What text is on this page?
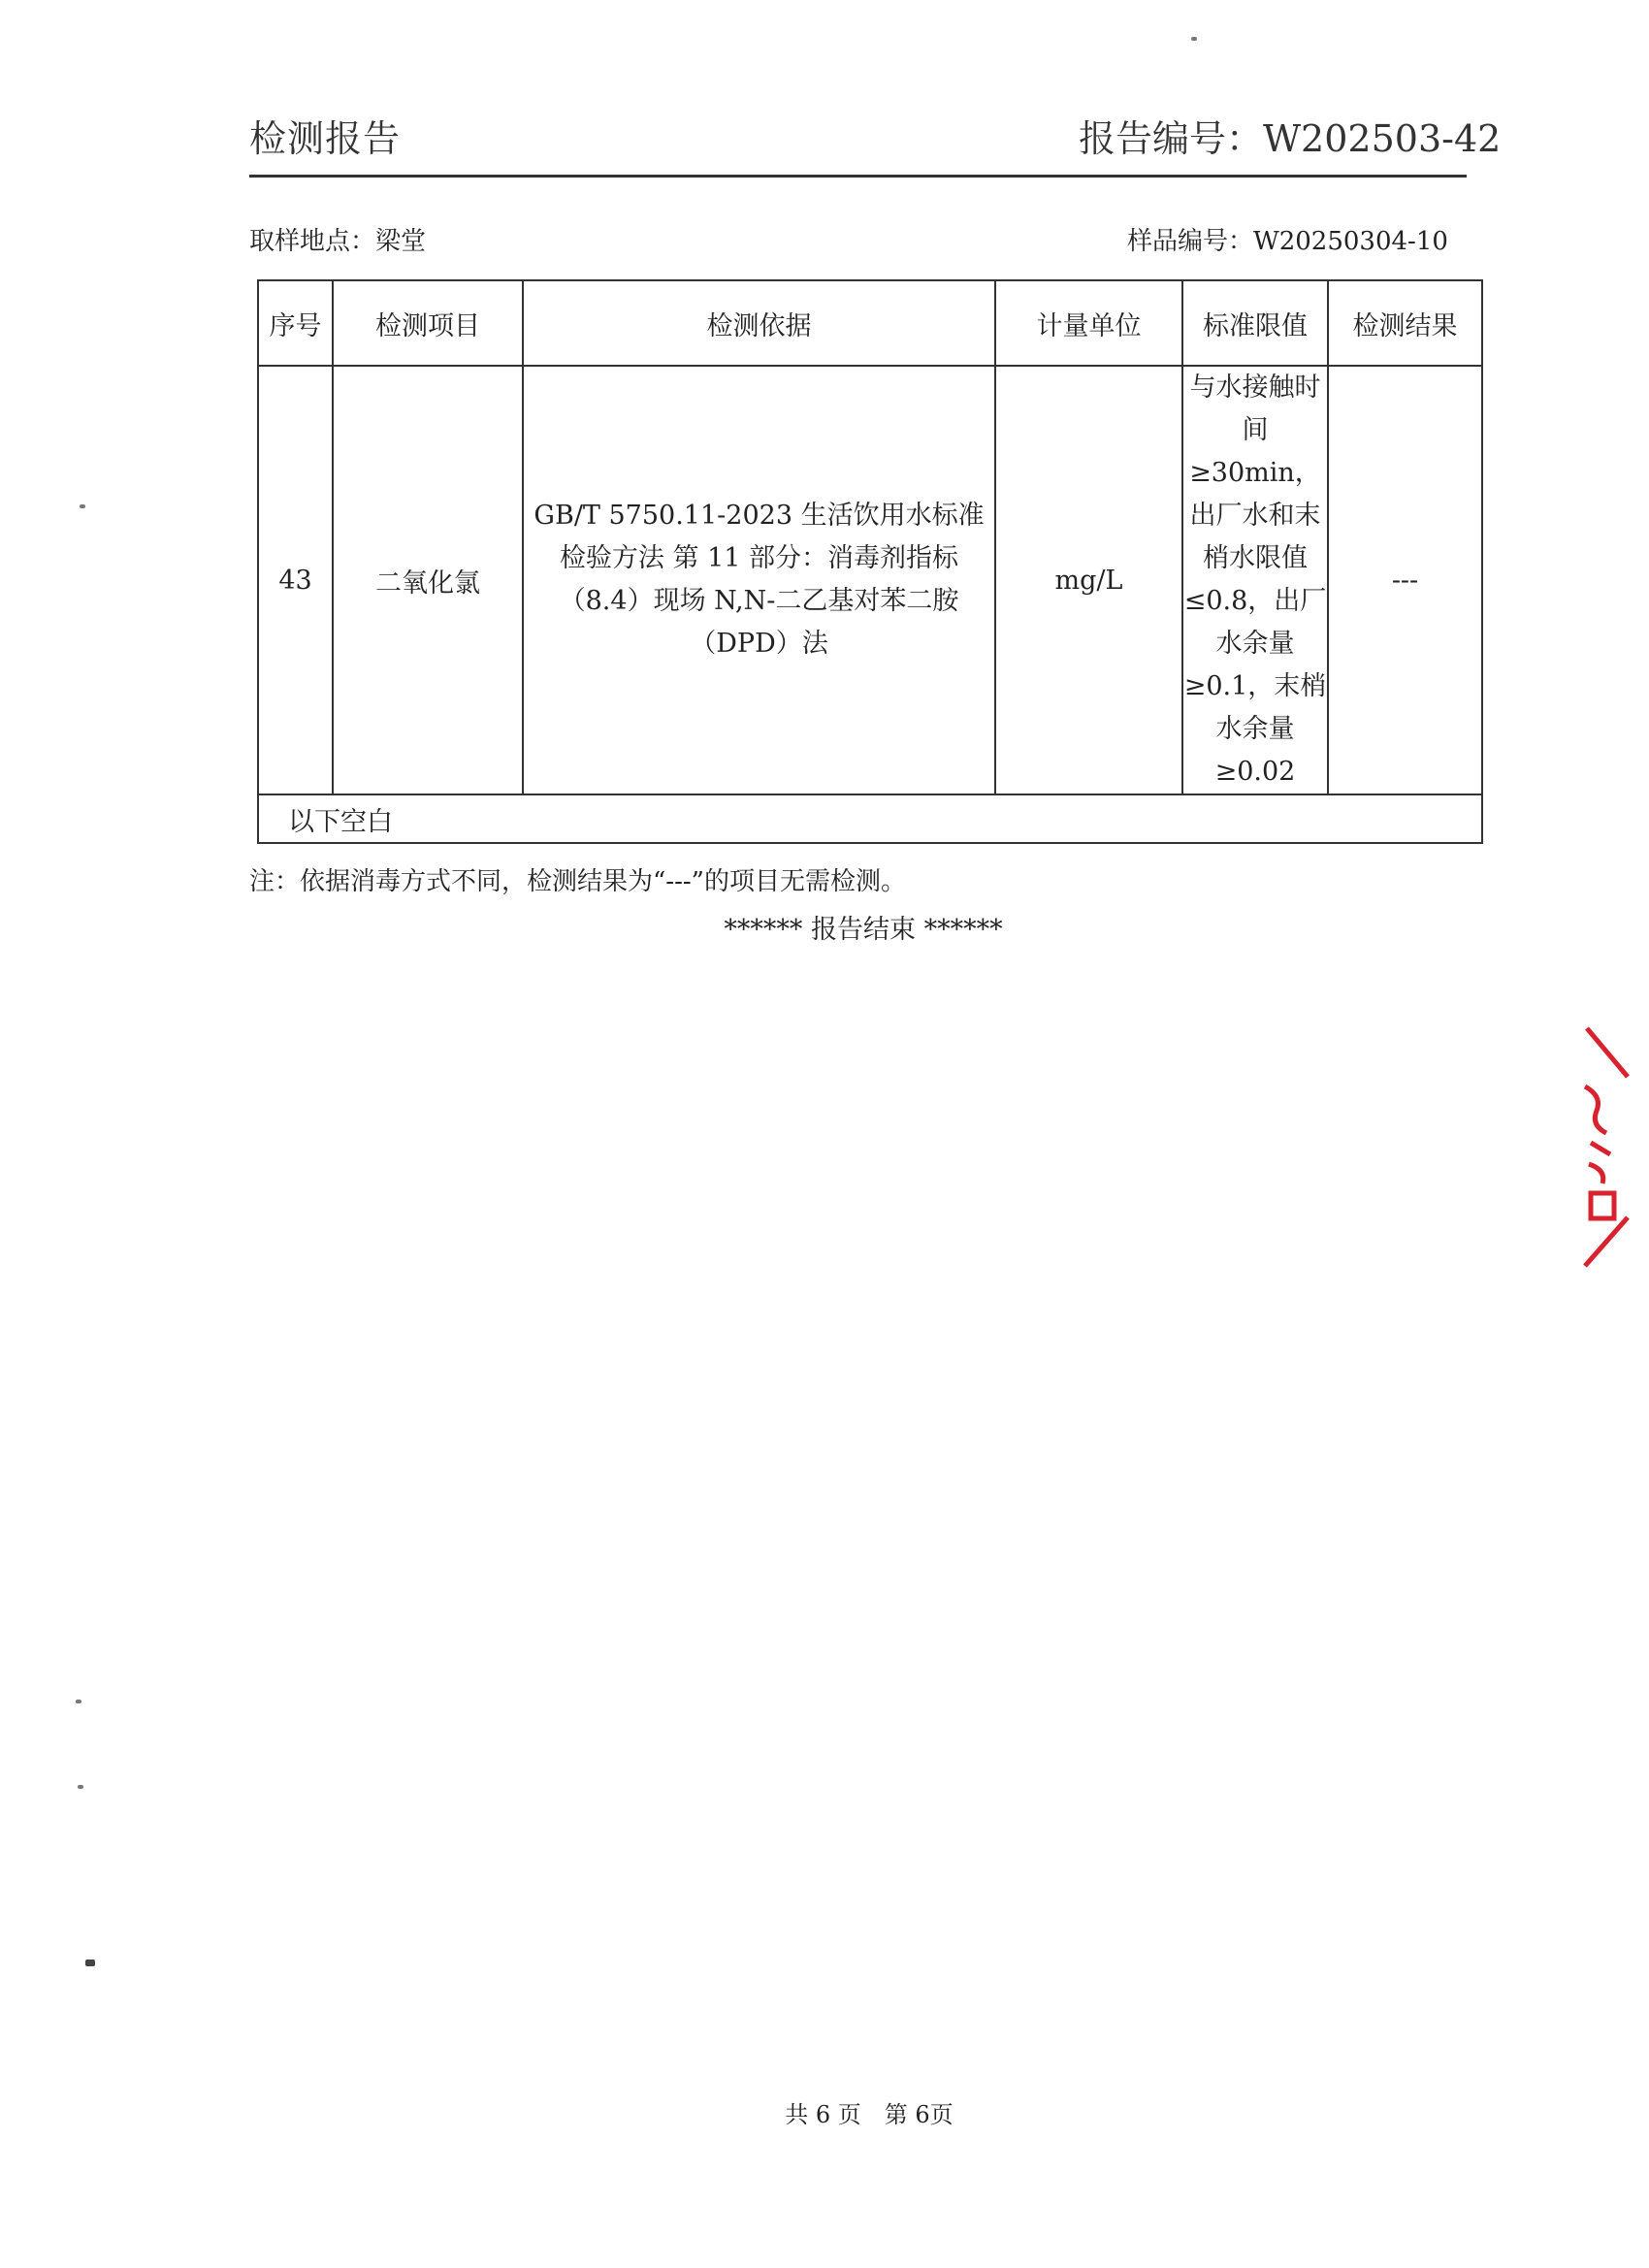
检测报告	报告编号：W202503-42
取样地点：梁堂	样品编号：W20250304-10
序号	检测项目	检测依据	计量单位	标准限值	检测结果
43	二氧化氯	GB/T 5750.11-2023 生活饮用水标准检验方法 第 11 部分：消毒剂指标（8.4）现场 N,N-二乙基对苯二胺（DPD）法	mg/L	与水接触时间≥30min，出厂水和末梢水限值≤0.8，出厂水余量≥0.1，末梢水余量≥0.02	---
以下空白					
注：依据消毒方式不同，检测结果为“---”的项目无需检测。
****** 报告结束 ******
共 6 页　第 6页
